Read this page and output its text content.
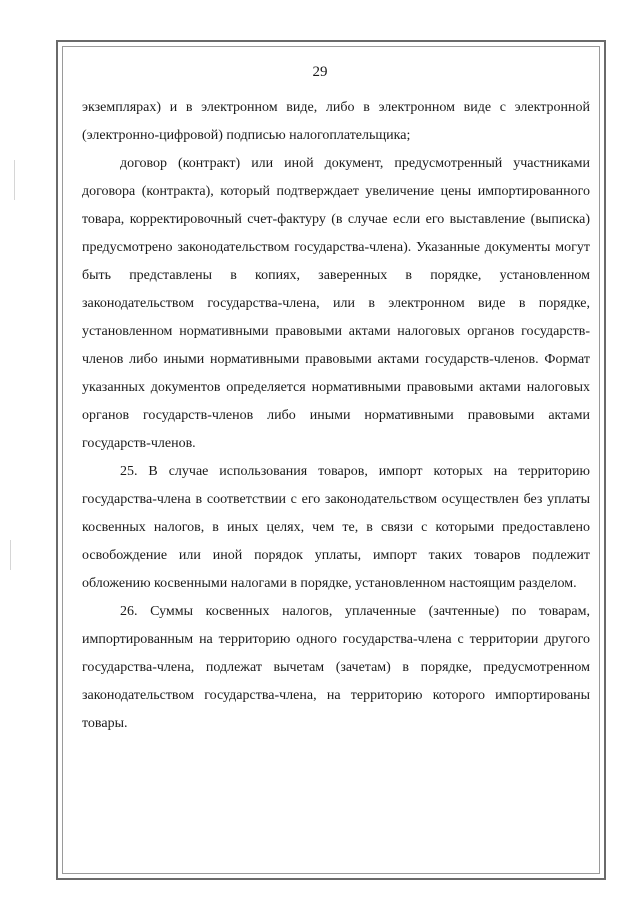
29

экземплярах) и в электронном виде, либо в электронном виде с электронной (электронно-цифровой) подписью налогоплательщика;

договор (контракт) или иной документ, предусмотренный участниками договора (контракта), который подтверждает увеличение цены импортированного товара, корректировочный счет-фактуру (в случае если его выставление (выписка) предусмотрено законодательством государства-члена). Указанные документы могут быть представлены в копиях, заверенных в порядке, установленном законодательством государства-члена, или в электронном виде в порядке, установленном нормативными правовыми актами налоговых органов государств-членов либо иными нормативными правовыми актами государств-членов. Формат указанных документов определяется нормативными правовыми актами налоговых органов государств-членов либо иными нормативными правовыми актами государств-членов.

25. В случае использования товаров, импорт которых на территорию государства-члена в соответствии с его законодательством осуществлен без уплаты косвенных налогов, в иных целях, чем те, в связи с которыми предоставлено освобождение или иной порядок уплаты, импорт таких товаров подлежит обложению косвенными налогами в порядке, установленном настоящим разделом.

26. Суммы косвенных налогов, уплаченные (зачтенные) по товарам, импортированным на территорию одного государства-члена с территории другого государства-члена, подлежат вычетам (зачетам) в порядке, предусмотренном законодательством государства-члена, на территорию которого импортированы товары.
